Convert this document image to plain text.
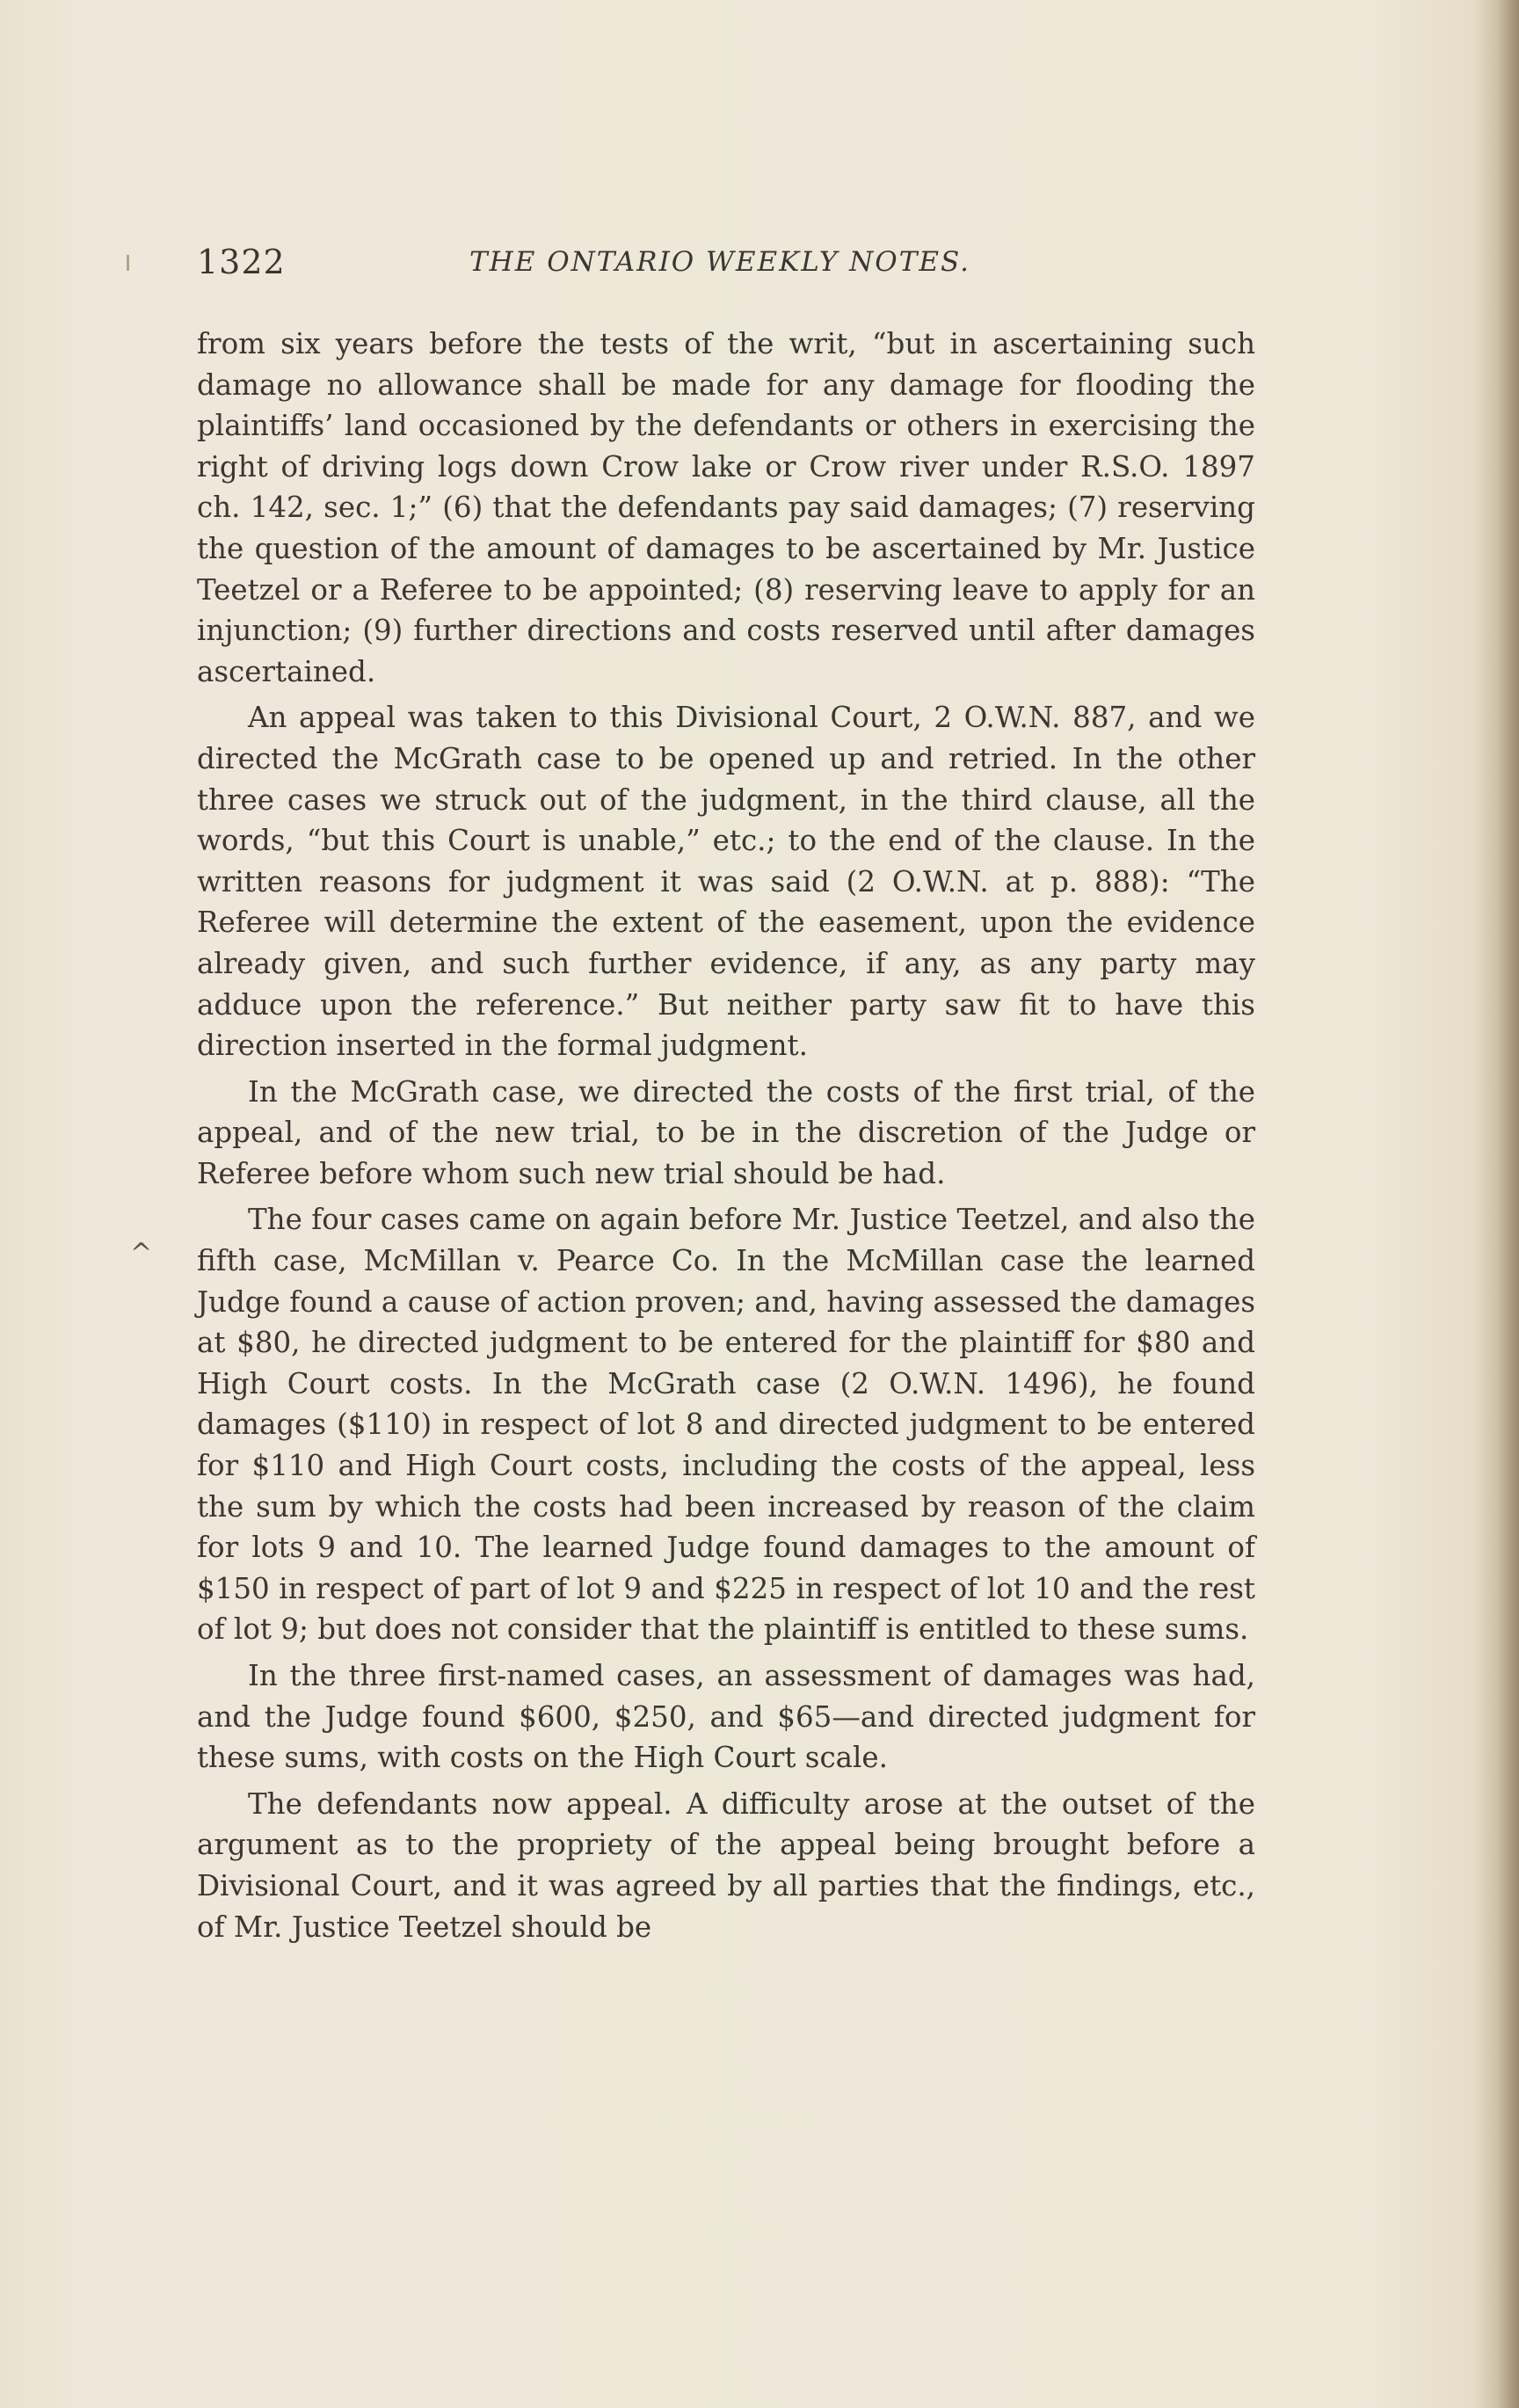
1322	THE ONTARIO WEEKLY NOTES.
^

from six years before the tests of the writ, “but in ascertaining such damage no allowance shall be made for any damage for flooding the plaintiffs’ land occasioned by the defendants or others in exercising the right of driving logs down Crow lake or Crow river under R.S.O. 1897 ch. 142, sec. 1;” (6) that the defendants pay said damages; (7) reserving the question of the amount of damages to be ascertained by Mr. Justice Teetzel or a Referee to be appointed; (8) reserving leave to apply for an injunction; (9) further directions and costs reserved until after damages ascertained.

An appeal was taken to this Divisional Court, 2 O.W.N. 887, and we directed the McGrath case to be opened up and retried. In the other three cases we struck out of the judgment, in the third clause, all the words, “but this Court is unable,” etc.; to the end of the clause. In the written reasons for judgment it was said (2 O.W.N. at p. 888): “The Referee will determine the extent of the easement, upon the evidence already given, and such further evidence, if any, as any party may adduce upon the reference.” But neither party saw fit to have this direction inserted in the formal judgment.

In the McGrath case, we directed the costs of the first trial, of the appeal, and of the new trial, to be in the discretion of the Judge or Referee before whom such new trial should be had.

The four cases came on again before Mr. Justice Teetzel, and also the fifth case, McMillan v. Pearce Co. In the McMillan case the learned Judge found a cause of action proven; and, having assessed the damages at $80, he directed judgment to be entered for the plaintiff for $80 and High Court costs. In the McGrath case (2 O.W.N. 1496), he found damages ($110) in respect of lot 8 and directed judgment to be entered for $110 and High Court costs, including the costs of the appeal, less the sum by which the costs had been increased by reason of the claim for lots 9 and 10. The learned Judge found damages to the amount of $150 in respect of part of lot 9 and $225 in respect of lot 10 and the rest of lot 9; but does not consider that the plaintiff is entitled to these sums.

In the three first-named cases, an assessment of damages was had, and the Judge found $600, $250, and $65—and directed judgment for these sums, with costs on the High Court scale.

The defendants now appeal. A difficulty arose at the outset of the argument as to the propriety of the appeal being brought before a Divisional Court, and it was agreed by all parties that the findings, etc., of Mr. Justice Teetzel should be
